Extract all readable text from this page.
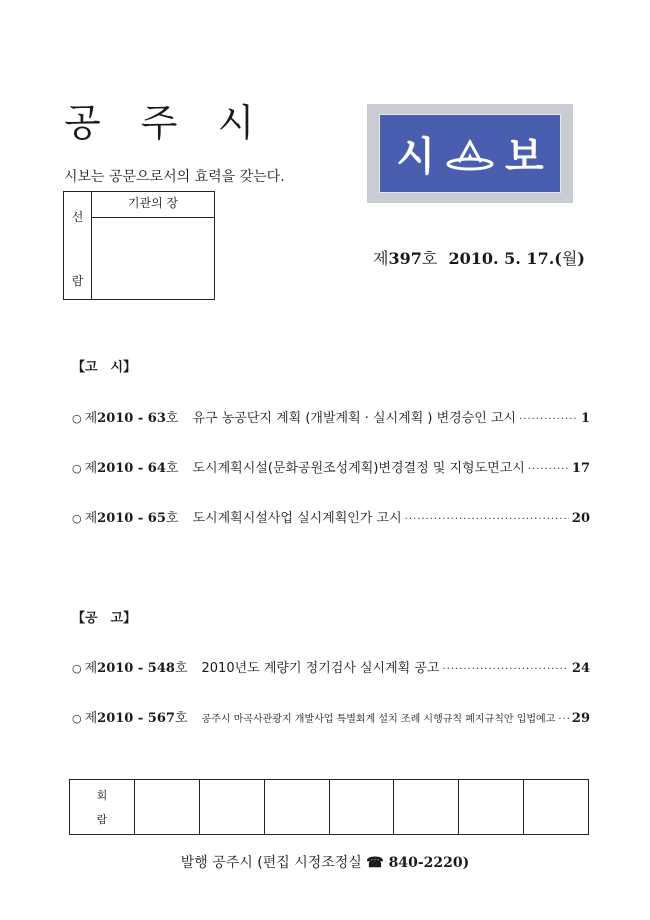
공 주 시
시보는 공문으로서의 효력을 갖는다.
선
람
기관의 장
시 보
제397호 2010. 5. 17.(월)
【고　시】
○ 제2010 - 63호 유구 농공단지 계획 (개발계획 · 실시계획 ) 변경승인 고시 ·····	1
○ 제2010 - 64호 도시계획시설(문화공원조성계획)변경결정 및 지형도면고시 ·····	17
○ 제2010 - 65호 도시계획시설사업 실시계획인가 고시 ·····	20
【공　고】
○ 제2010 - 548호 2010년도 계량기 정기검사 실시계획 공고 ·····	24
○ 제2010 - 567호 공주시 마곡사관광지 개발사업 특별회계 설치 조례 시행규칙 폐지규칙안 입법예고 ····· 29
회
람
발행 공주시 (편집 시정조정실 ☎ 840-2220)
